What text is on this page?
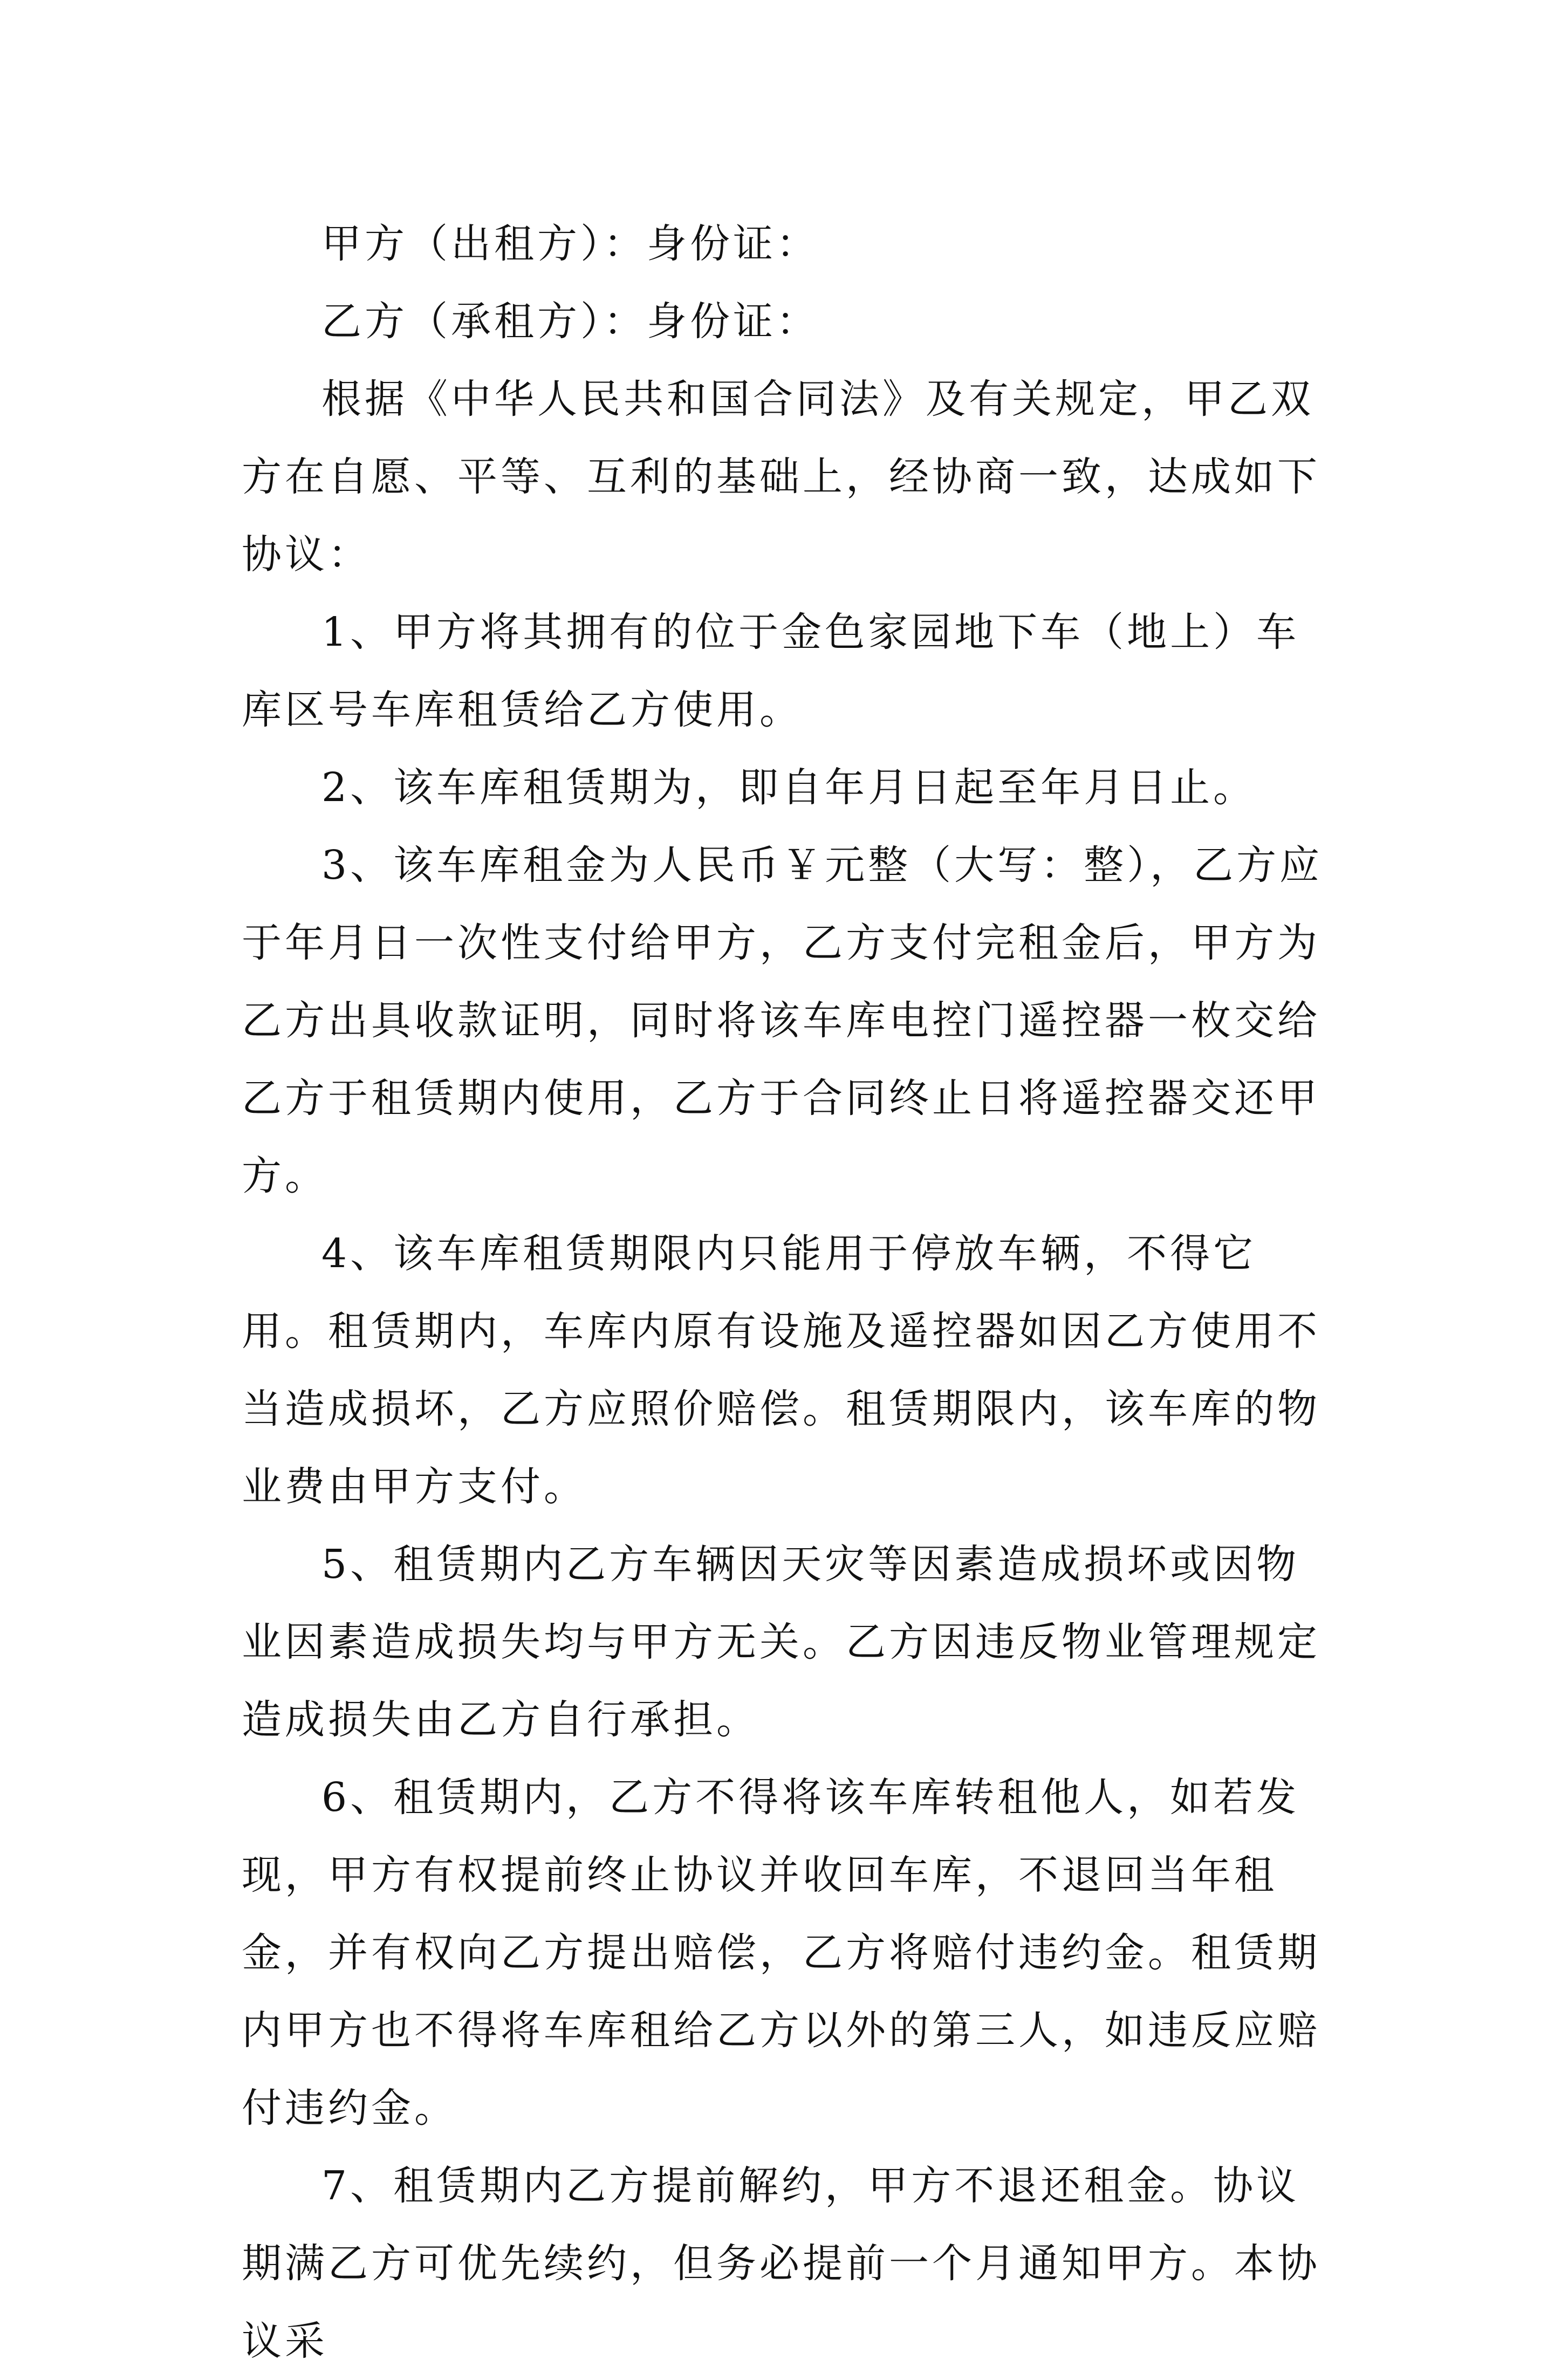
甲方（出租方）：身份证：

乙方（承租方）：身份证：

根据《中华人民共和国合同法》及有关规定，甲乙双方在自愿、平等、互利的基础上，经协商一致，达成如下协议：

1、甲方将其拥有的位于金色家园地下车（地上）车库区号车库租赁给乙方使用。

2、该车库租赁期为，即自年月日起至年月日止。

3、该车库租金为人民币￥元整（大写：整），乙方应于年月日一次性支付给甲方，乙方支付完租金后，甲方为乙方出具收款证明，同时将该车库电控门遥控器一枚交给乙方于租赁期内使用，乙方于合同终止日将遥控器交还甲方。

4、该车库租赁期限内只能用于停放车辆，不得它用。租赁期内，车库内原有设施及遥控器如因乙方使用不当造成损坏，乙方应照价赔偿。租赁期限内，该车库的物业费由甲方支付。

5、租赁期内乙方车辆因天灾等因素造成损坏或因物业因素造成损失均与甲方无关。乙方因违反物业管理规定造成损失由乙方自行承担。

6、租赁期内，乙方不得将该车库转租他人，如若发现，甲方有权提前终止协议并收回车库，不退回当年租金，并有权向乙方提出赔偿，乙方将赔付违约金。租赁期内甲方也不得将车库租给乙方以外的第三人，如违反应赔付违约金。

7、租赁期内乙方提前解约，甲方不退还租金。协议期满乙方可优先续约，但务必提前一个月通知甲方。本协议采
